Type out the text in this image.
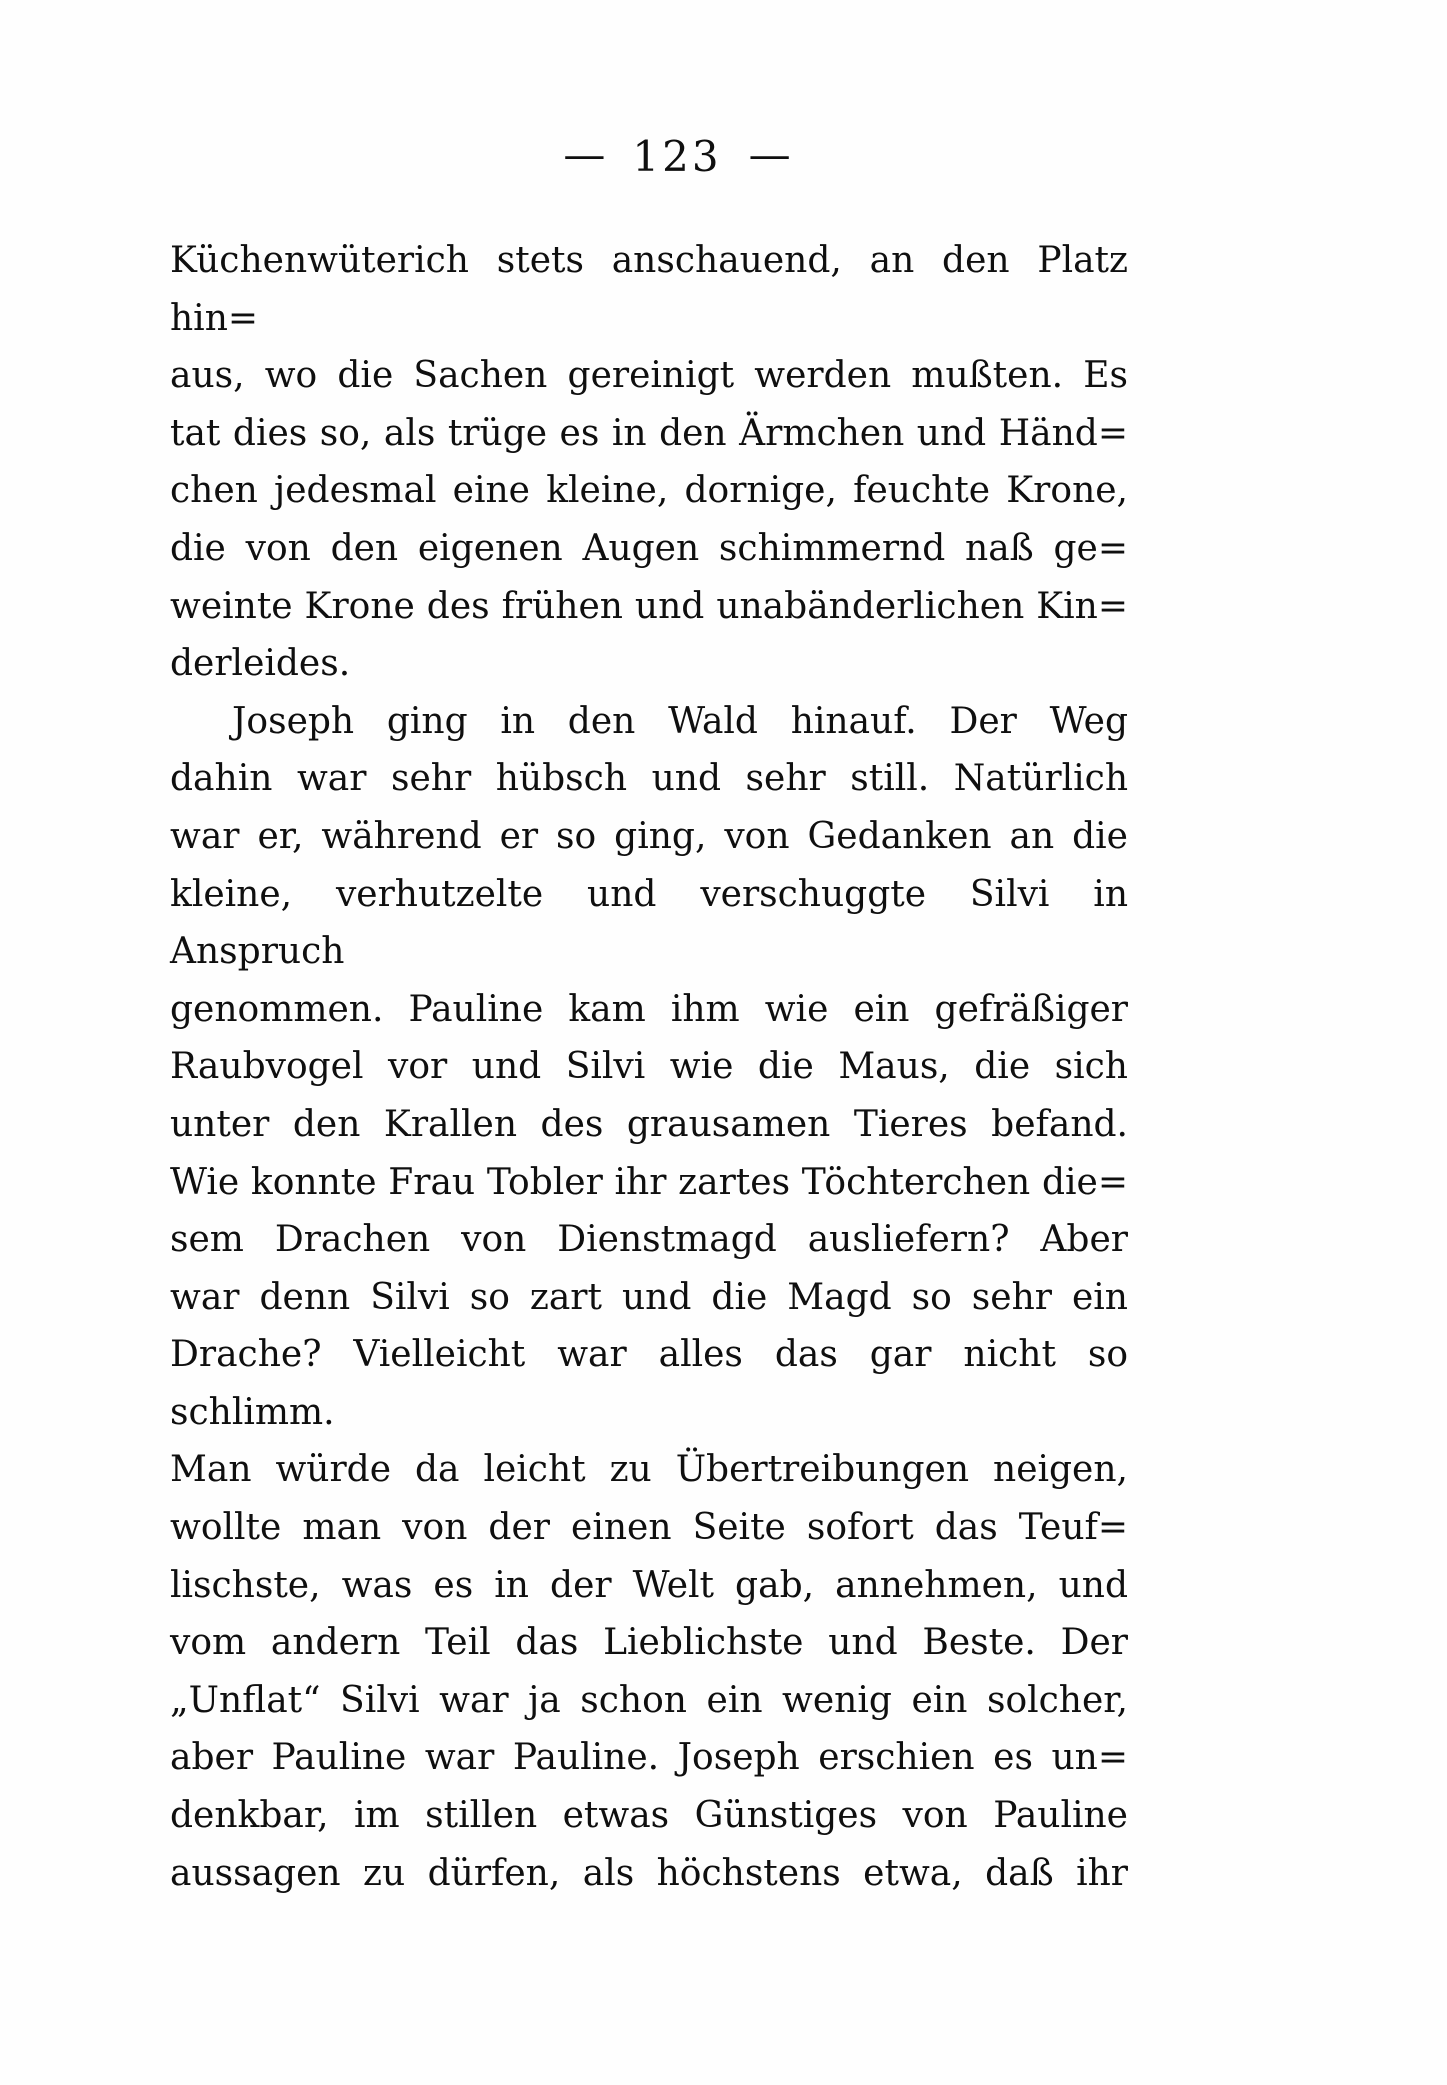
— 123 —
Küchenwüterich stets anschauend, an den Platz hin=
aus, wo die Sachen gereinigt werden mußten. Es
tat dies so, als trüge es in den Ärmchen und Händ=
chen jedesmal eine kleine, dornige, feuchte Krone,
die von den eigenen Augen schimmernd naß ge=
weinte Krone des frühen und unabänderlichen Kin=
derleides.
Joseph ging in den Wald hinauf. Der Weg
dahin war sehr hübsch und sehr still. Natürlich
war er, während er so ging, von Gedanken an die
kleine, verhutzelte und verschuggte Silvi in Anspruch
genommen. Pauline kam ihm wie ein gefräßiger
Raubvogel vor und Silvi wie die Maus, die sich
unter den Krallen des grausamen Tieres befand.
Wie konnte Frau Tobler ihr zartes Töchterchen die=
sem Drachen von Dienstmagd ausliefern? Aber
war denn Silvi so zart und die Magd so sehr ein
Drache? Vielleicht war alles das gar nicht so schlimm.
Man würde da leicht zu Übertreibungen neigen,
wollte man von der einen Seite sofort das Teuf=
lischste, was es in der Welt gab, annehmen, und
vom andern Teil das Lieblichste und Beste. Der
„Unflat“ Silvi war ja schon ein wenig ein solcher,
aber Pauline war Pauline. Joseph erschien es un=
denkbar, im stillen etwas Günstiges von Pauline
aussagen zu dürfen, als höchstens etwa, daß ihr
